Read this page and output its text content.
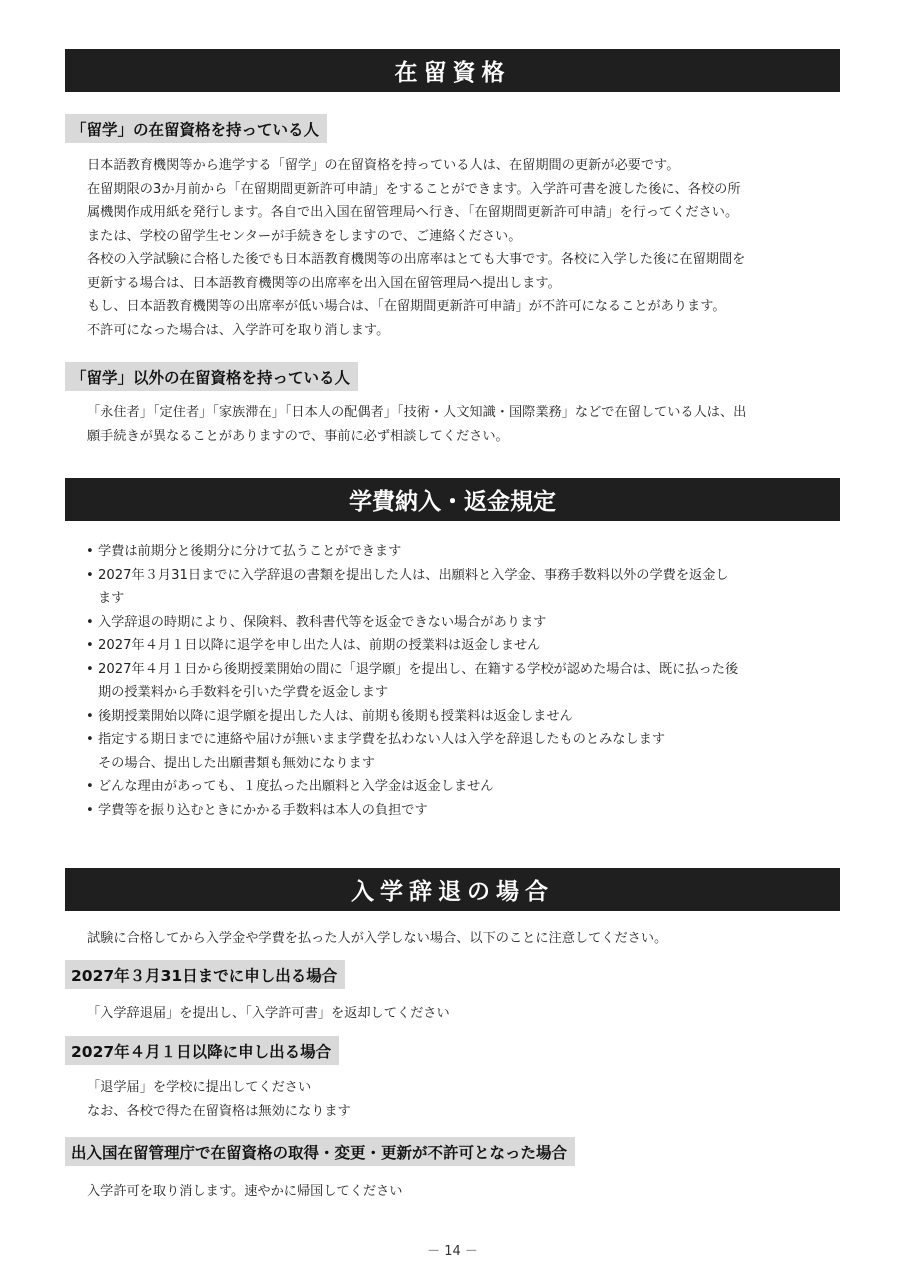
在留資格
「留学」の在留資格を持っている人

日本語教育機関等から進学する「留学」の在留資格を持っている人は、在留期間の更新が必要です。

在留期限の3か月前から「在留期間更新許可申請」をすることができます。入学許可書を渡した後に、各校の所

属機関作成用紙を発行します。各自で出入国在留管理局へ行き、「在留期間更新許可申請」を行ってください。

または、学校の留学生センターが手続きをしますので、ご連絡ください。

各校の入学試験に合格した後でも日本語教育機関等の出席率はとても大事です。各校に入学した後に在留期間を

更新する場合は、日本語教育機関等の出席率を出入国在留管理局へ提出します。

もし、日本語教育機関等の出席率が低い場合は、「在留期間更新許可申請」が不許可になることがあります。

不許可になった場合は、入学許可を取り消します。

「留学」以外の在留資格を持っている人

「永住者」「定住者」「家族滞在」「日本人の配偶者」「技術・人文知識・国際業務」などで在留している人は、出

願手続きが異なることがありますので、事前に必ず相談してください。

学費納入・返金規定
• 学費は前期分と後期分に分けて払うことができます
• 2027年３月31日までに入学辞退の書類を提出した人は、出願料と入学金、事務手数料以外の学費を返金し
ます
• 入学辞退の時期により、保険料、教科書代等を返金できない場合があります
• 2027年４月１日以降に退学を申し出た人は、前期の授業料は返金しません
• 2027年４月１日から後期授業開始の間に「退学願」を提出し、在籍する学校が認めた場合は、既に払った後
期の授業料から手数料を引いた学費を返金します
• 後期授業開始以降に退学願を提出した人は、前期も後期も授業料は返金しません
• 指定する期日までに連絡や届けが無いまま学費を払わない人は入学を辞退したものとみなします
その場合、提出した出願書類も無効になります
• どんな理由があっても、１度払った出願料と入学金は返金しません
• 学費等を振り込むときにかかる手数料は本人の負担です
入学辞退の場合

試験に合格してから入学金や学費を払った人が入学しない場合、以下のことに注意してください。

2027年３月31日までに申し出る場合

「入学辞退届」を提出し、「入学許可書」を返却してください

2027年４月１日以降に申し出る場合

「退学届」を学校に提出してください

なお、各校で得た在留資格は無効になります

出入国在留管理庁で在留資格の取得・変更・更新が不許可となった場合

入学許可を取り消します。速やかに帰国してください

－ 14 －
